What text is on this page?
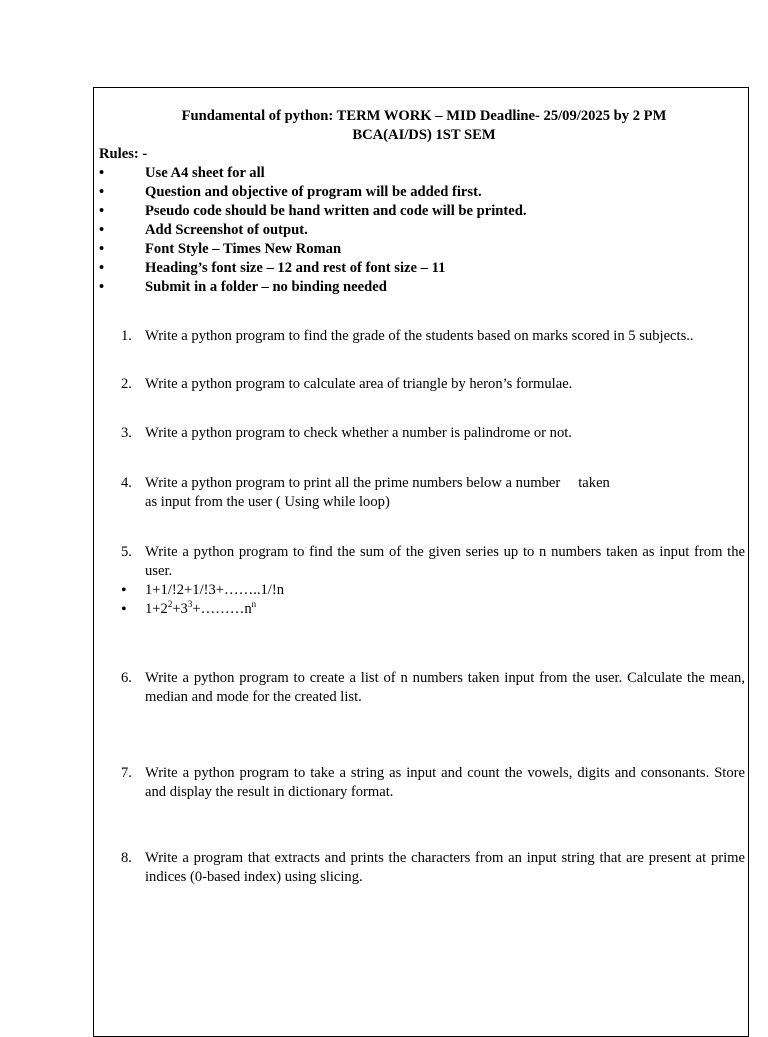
Fundamental of python: TERM WORK – MID Deadline- 25/09/2025 by 2 PM
BCA(AI/DS) 1ST SEM
Rules: -
•	Use A4 sheet for all
•	Question and objective of program will be added first.
•	Pseudo code should be hand written and code will be printed.
•	Add Screenshot of output.
•	Font Style – Times New Roman
•	Heading’s font size – 12 and rest of font size – 11
•	Submit in a folder – no binding needed
1. Write a python program to find the grade of the students based on marks scored in 5 subjects..
2. Write a python program to calculate area of triangle by heron’s formulae.
3. Write a python program to check whether a number is palindrome or not.
4. Write a python program to print all the prime numbers below a number taken
as input from the user ( Using while loop)
5. Write a python program to find the sum of the given series up to n numbers taken as input from the user.
• 1+1/!2+1/!3+……..1/!n
• $1+2^2+3^3+\dots\dots\dots n^n$
6. Write a python program to create a list of n numbers taken input from the user. Calculate the mean, median and mode for the created list.
7. Write a python program to take a string as input and count the vowels, digits and consonants. Store and display the result in dictionary format.
8. Write a program that extracts and prints the characters from an input string that are present at prime indices (0-based index) using slicing.
